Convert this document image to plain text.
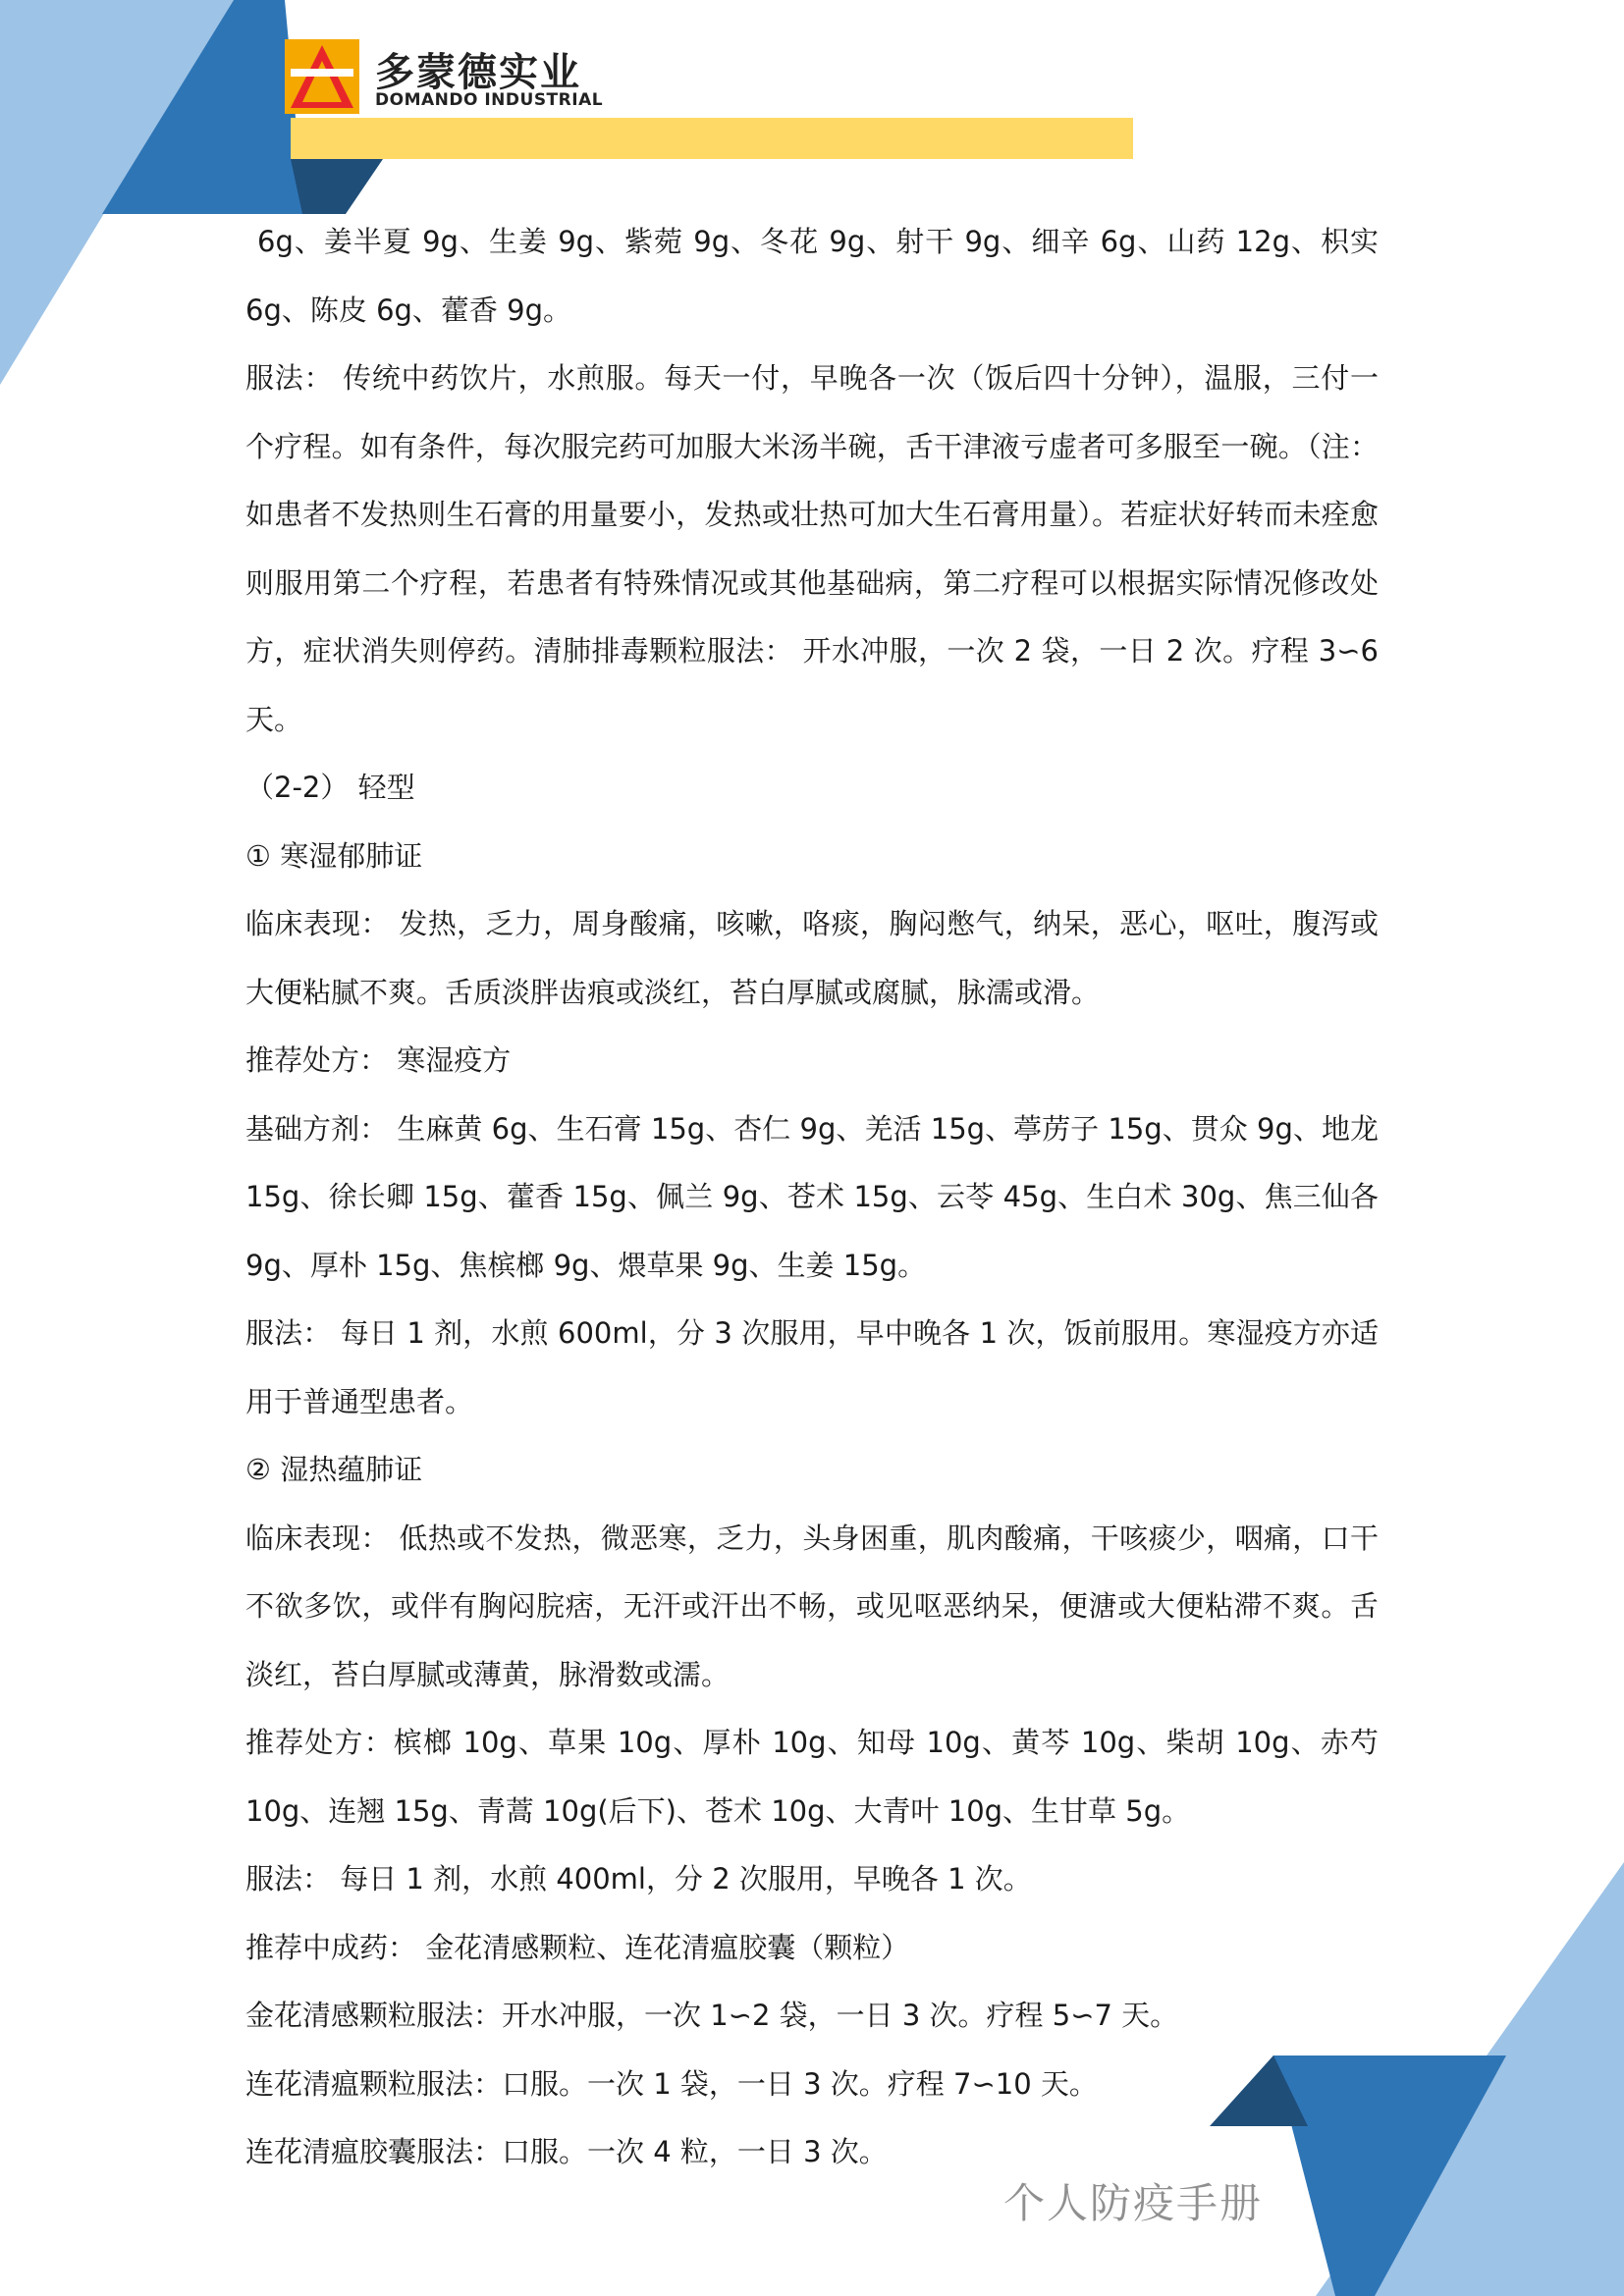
多蒙德实业
DOMANDO INDUSTRIAL

6g、姜半夏 9g、生姜 9g、紫菀 9g、冬花 9g、射干 9g、细辛 6g、山药 12g、枳实 6g、陈皮 6g、藿香 9g。

服法： 传统中药饮片，水煎服。每天一付，早晚各一次（饭后四十分钟），温服，三付一个疗程。如有条件，每次服完药可加服大米汤半碗，舌干津液亏虚者可多服至一碗。（注：如患者不发热则生石膏的用量要小，发热或壮热可加大生石膏用量）。若症状好转而未痊愈则服用第二个疗程，若患者有特殊情况或其他基础病，第二疗程可以根据实际情况修改处方，症状消失则停药。清肺排毒颗粒服法： 开水冲服，一次 2 袋，一日 2 次。疗程 3∽6 天。

（2-2） 轻型

① 寒湿郁肺证

临床表现： 发热，乏力，周身酸痛，咳嗽，咯痰，胸闷憋气，纳呆，恶心，呕吐，腹泻或大便粘腻不爽。舌质淡胖齿痕或淡红，苔白厚腻或腐腻，脉濡或滑。

推荐处方： 寒湿疫方

基础方剂： 生麻黄 6g、生石膏 15g、杏仁 9g、羌活 15g、葶苈子 15g、贯众 9g、地龙 15g、徐长卿 15g、藿香 15g、佩兰 9g、苍术 15g、云苓 45g、生白术 30g、焦三仙各 9g、厚朴 15g、焦槟榔 9g、煨草果 9g、生姜 15g。

服法： 每日 1 剂，水煎 600ml，分 3 次服用，早中晚各 1 次，饭前服用。寒湿疫方亦适用于普通型患者。

② 湿热蕴肺证

临床表现： 低热或不发热，微恶寒，乏力，头身困重，肌肉酸痛，干咳痰少，咽痛，口干不欲多饮，或伴有胸闷脘痞，无汗或汗出不畅，或见呕恶纳呆，便溏或大便粘滞不爽。舌淡红，苔白厚腻或薄黄，脉滑数或濡。

推荐处方：槟榔 10g、草果 10g、厚朴 10g、知母 10g、黄芩 10g、柴胡 10g、赤芍 10g、连翘 15g、青蒿 10g(后下)、苍术 10g、大青叶 10g、生甘草 5g。

服法： 每日 1 剂，水煎 400ml，分 2 次服用，早晚各 1 次。

推荐中成药： 金花清感颗粒、连花清瘟胶囊（颗粒）

金花清感颗粒服法：开水冲服，一次 1∽2 袋，一日 3 次。疗程 5∽7 天。

连花清瘟颗粒服法：口服。一次 1 袋，一日 3 次。疗程 7∽10 天。

连花清瘟胶囊服法：口服。一次 4 粒，一日 3 次。

个人防疫手册
